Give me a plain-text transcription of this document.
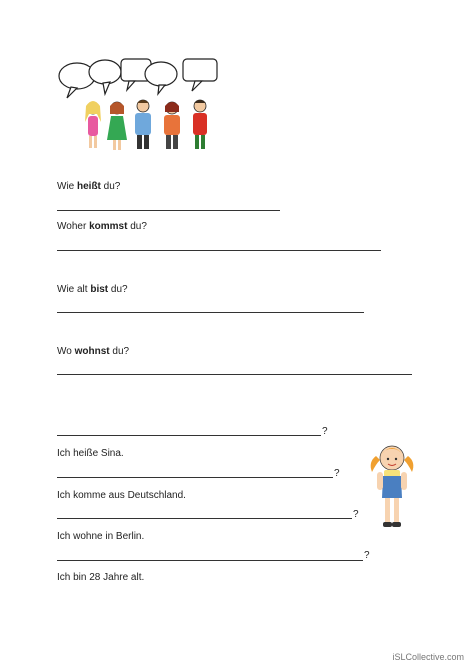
Wie heißt du?
Woher kommst du?
Wie alt bist du?
Wo wohnst du?
?
Ich heiße Sina.
?
Ich komme aus Deutschland.
?
Ich wohne in Berlin.
?
Ich bin 28 Jahre alt.
iSLCollective.com
